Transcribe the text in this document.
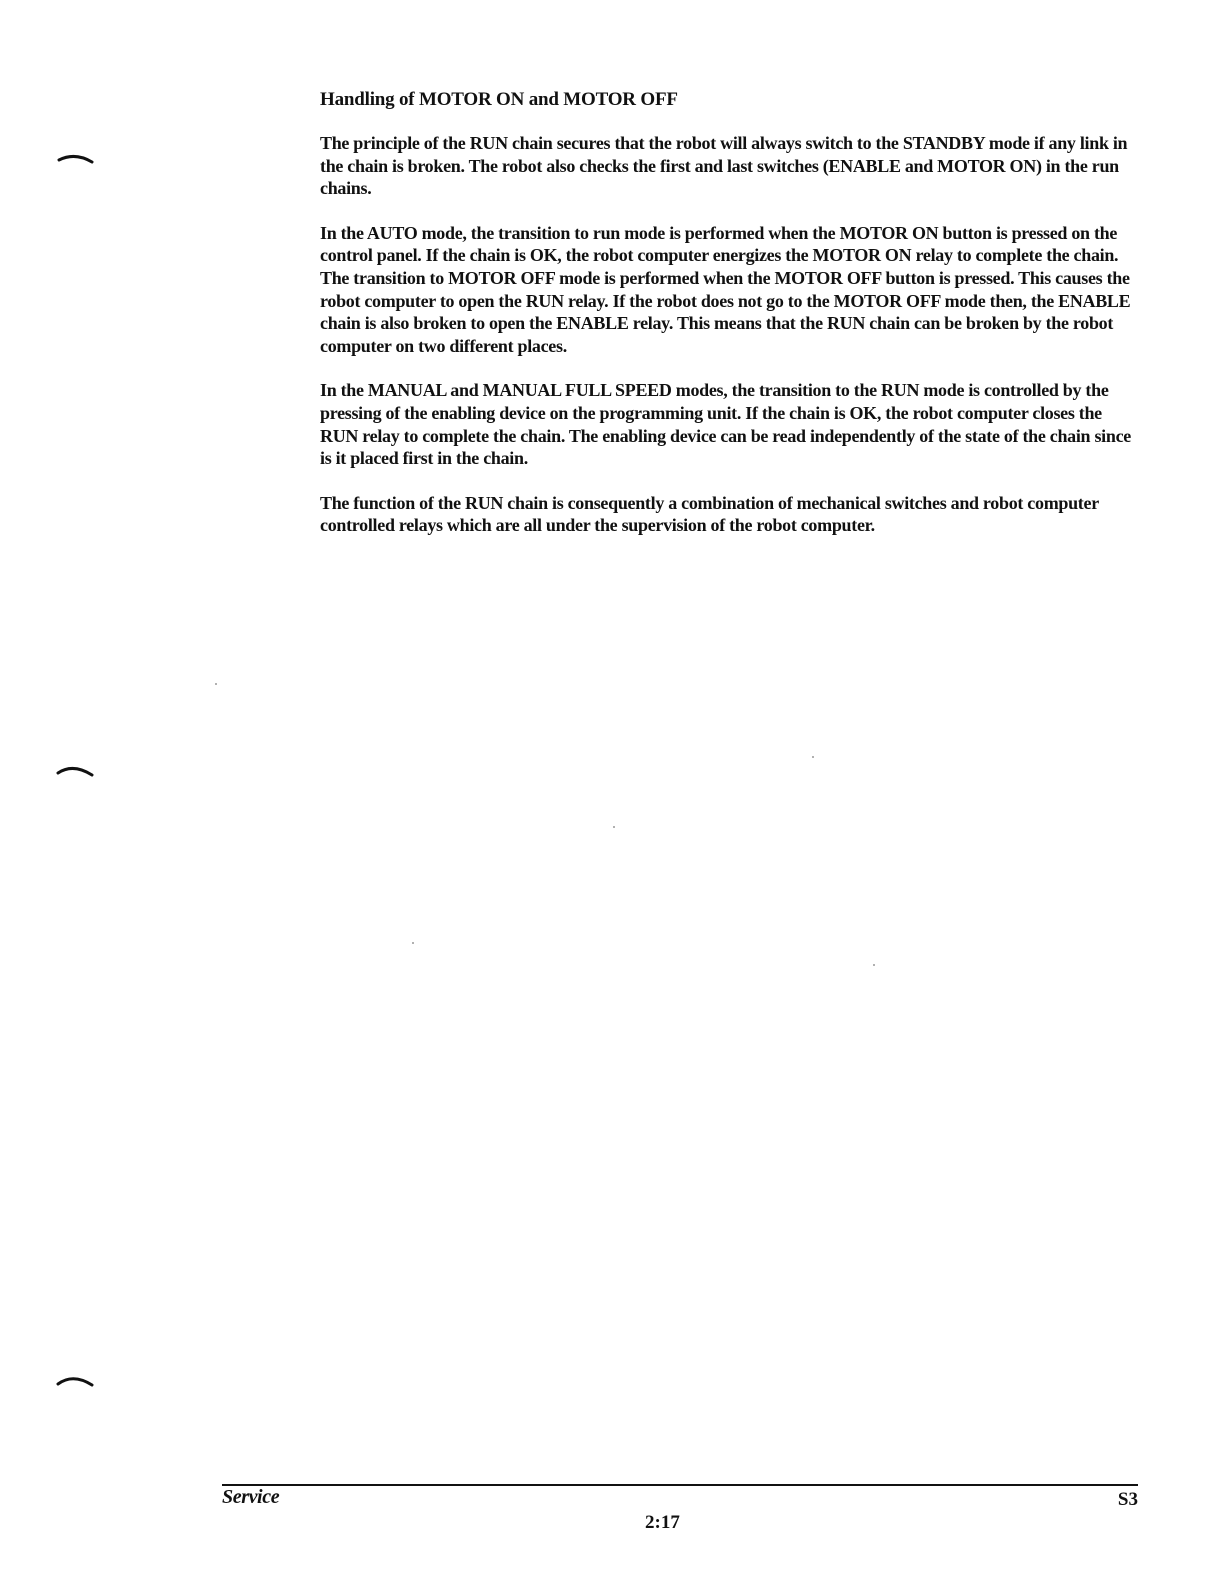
Handling of MOTOR ON and MOTOR OFF

The principle of the RUN chain secures that the robot will always switch to the STANDBY mode if any link in the chain is broken. The robot also checks the first and last switches (ENABLE and MOTOR ON) in the run chains.

In the AUTO mode, the transition to run mode is performed when the MOTOR ON button is pressed on the control panel. If the chain is OK, the robot computer energizes the MOTOR ON relay to complete the chain. The transition to MOTOR OFF mode is performed when the MOTOR OFF button is pressed. This causes the robot computer to open the RUN relay. If the robot does not go to the MOTOR OFF mode then, the ENABLE chain is also broken to open the ENABLE relay. This means that the RUN chain can be broken by the robot computer on two different places.

In the MANUAL and MANUAL FULL SPEED modes, the transition to the RUN mode is controlled by the pressing of the enabling device on the programming unit. If the chain is OK, the robot computer closes the RUN relay to complete the chain. The enabling device can be read independently of the state of the chain since is it placed first in the chain.

The function of the RUN chain is consequently a combination of mechanical switches and robot computer controlled relays which are all under the supervision of the robot computer.

Service	S3
2:17
